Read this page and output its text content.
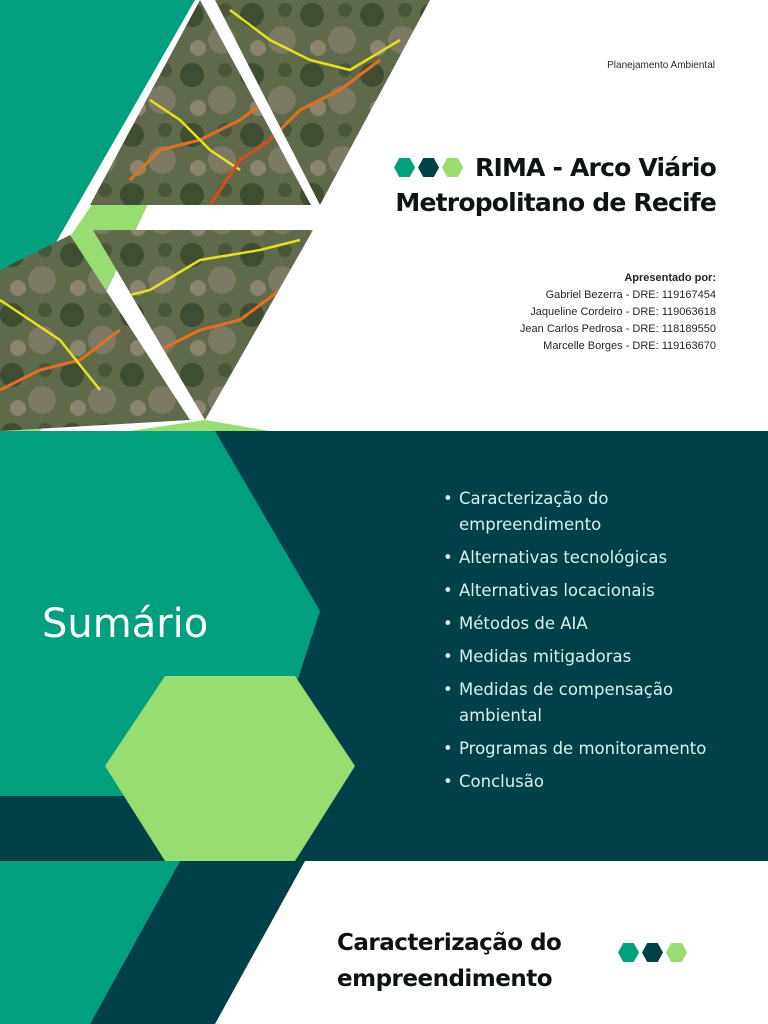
Planejamento Ambiental
RIMA - Arco Viário
Metropolitano de Recife
Apresentado por:
Gabriel Bezerra - DRE: 119167454
Jaqueline Cordeiro - DRE: 119063618
Jean Carlos Pedrosa - DRE: 118189550
Marcelle Borges - DRE: 119163670
Sumário
• Caracterização do empreendimento
• Alternativas tecnológicas
• Alternativas locacionais
• Métodos de AIA
• Medidas mitigadoras
• Medidas de compensação ambiental
• Programas de monitoramento
• Conclusão
Caracterização do
empreendimento
